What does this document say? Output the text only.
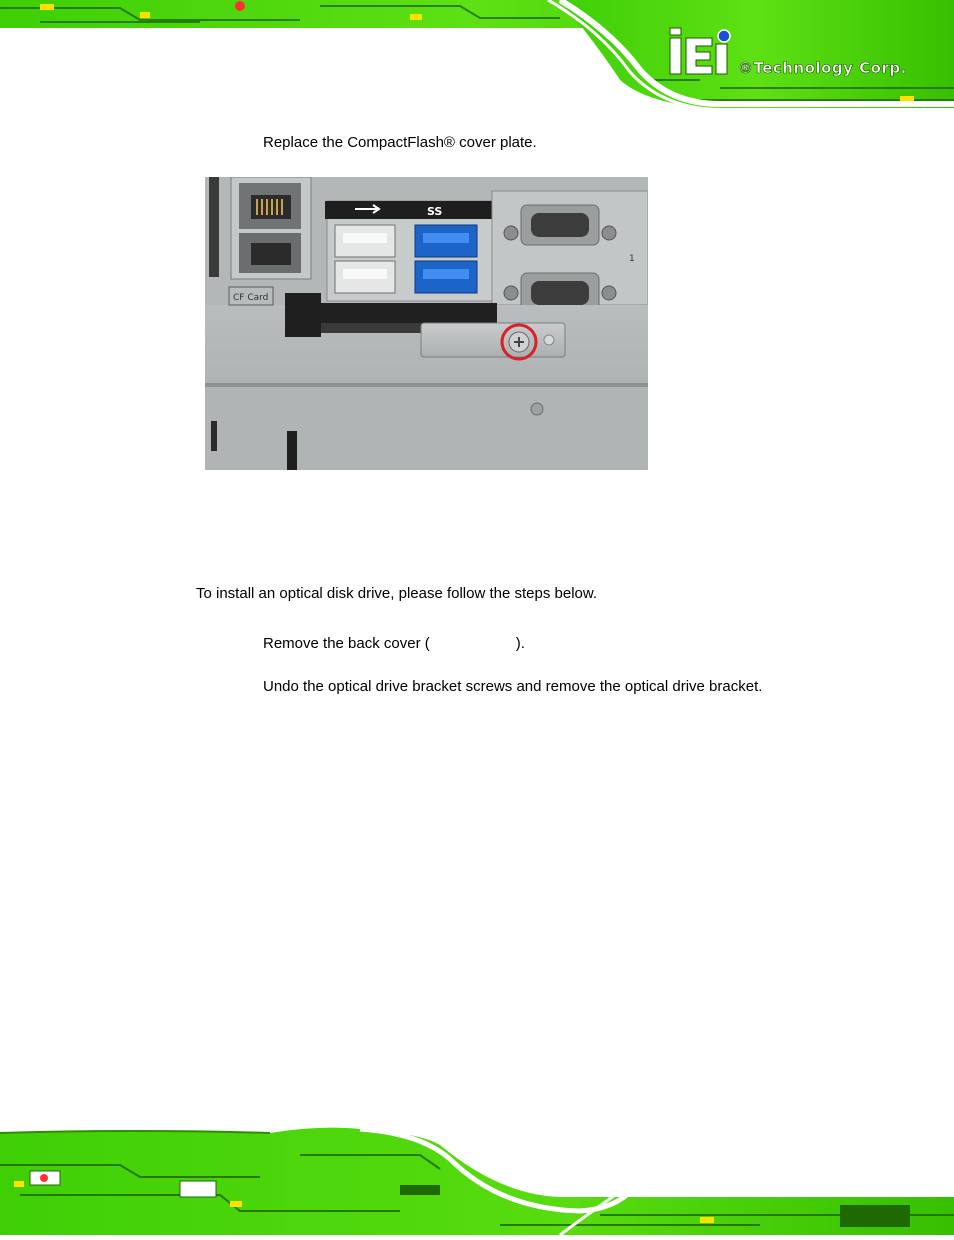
®Technology Corp.
Replace the CompactFlash® cover plate.
SS
1
CF Card
To install an optical disk drive, please follow the steps below.
Remove the back cover (	).
Undo the optical drive bracket screws and remove the optical drive bracket.
